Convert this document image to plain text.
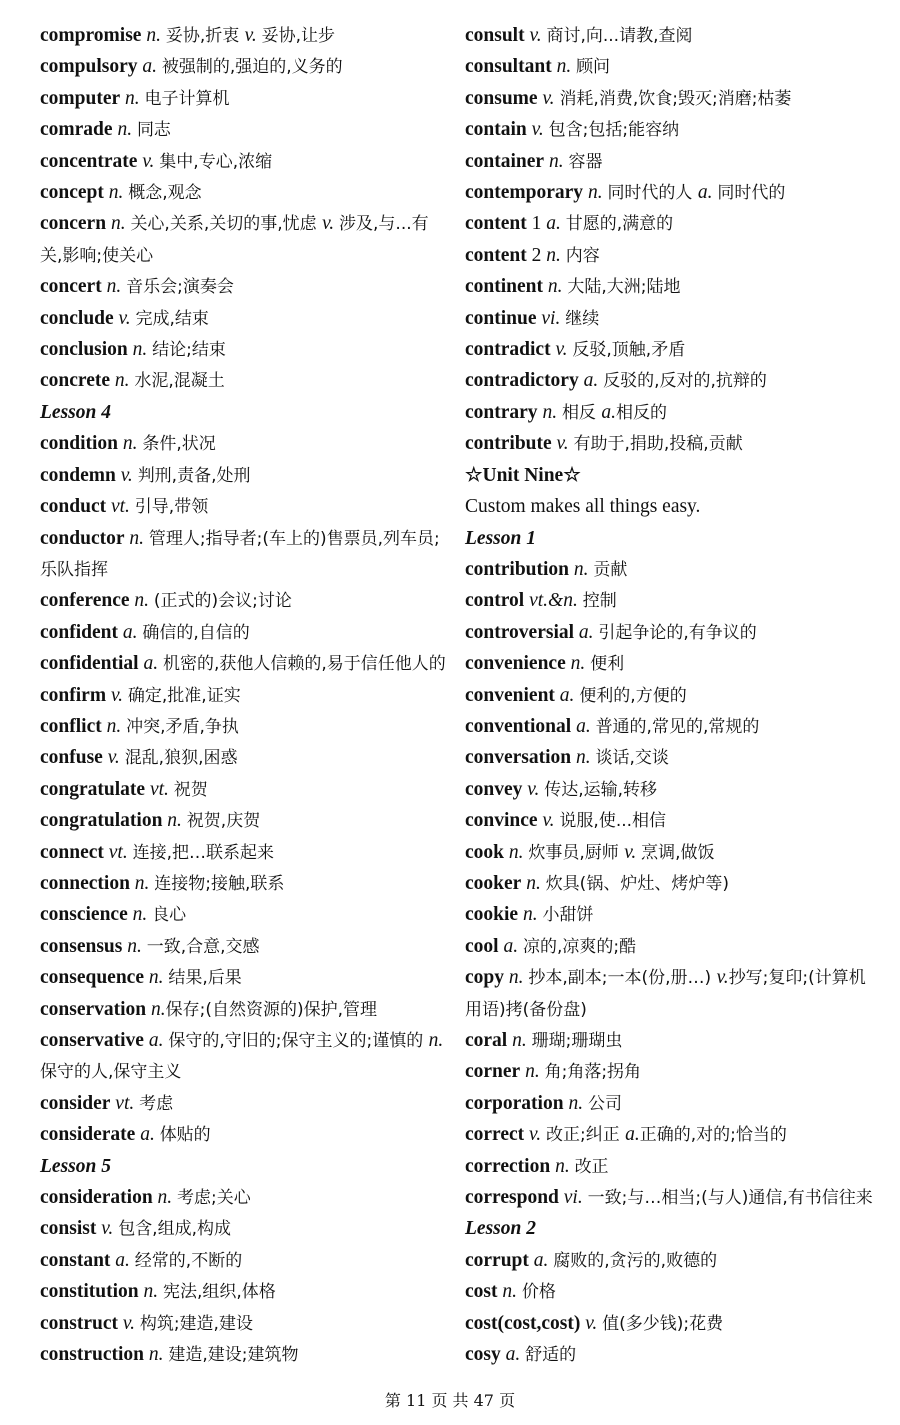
compromise n. 妥协,折衷 v. 妥协,让步
compulsory a. 被强制的,强迫的,义务的
computer n. 电子计算机
comrade n. 同志
concentrate v. 集中,专心,浓缩
concept n. 概念,观念
concern n. 关心,关系,关切的事,忧虑 v. 涉及,与...有关,影响;使关心
concert n. 音乐会;演奏会
conclude v. 完成,结束
conclusion n. 结论;结束
concrete n. 水泥,混凝土
Lesson 4
condition n. 条件,状况
condemn v. 判刑,责备,处刑
conduct vt. 引导,带领
conductor n. 管理人;指导者;(车上的)售票员,列车员;乐队指挥
conference n. (正式的)会议;讨论
confident a. 确信的,自信的
confidential a. 机密的,获他人信赖的,易于信任他人的
confirm v. 确定,批准,证实
conflict n. 冲突,矛盾,争执
confuse v. 混乱,狼狈,困惑
congratulate vt. 祝贺
congratulation n. 祝贺,庆贺
connect vt. 连接,把…联系起来
connection n. 连接物;接触,联系
conscience n. 良心
consensus n. 一致,合意,交感
consequence n. 结果,后果
conservation n.保存;(自然资源的)保护,管理
conservative a. 保守的,守旧的;保守主义的;谨慎的 n.保守的人,保守主义
consider vt. 考虑
considerate a. 体贴的
Lesson 5
consideration n. 考虑;关心
consist v. 包含,组成,构成
constant a. 经常的,不断的
constitution n. 宪法,组织,体格
construct v. 构筑;建造,建设
construction n. 建造,建设;建筑物
consult v. 商讨,向...请教,查阅
consultant n. 顾问
consume v. 消耗,消费,饮食;毁灭;消磨;枯萎
contain v. 包含;包括;能容纳
container n. 容器
contemporary n. 同时代的人 a. 同时代的
content 1 a. 甘愿的,满意的
content 2 n. 内容
continent n. 大陆,大洲;陆地
continue vi. 继续
contradict v. 反驳,顶触,矛盾
contradictory a. 反驳的,反对的,抗辩的
contrary n. 相反 a.相反的
contribute v. 有助于,捐助,投稿,贡献
☆Unit Nine☆
Custom makes all things easy.
Lesson 1
contribution n. 贡献
control vt.&n. 控制
controversial a. 引起争论的,有争议的
convenience n. 便利
convenient a. 便利的,方便的
conventional a. 普通的,常见的,常规的
conversation n. 谈话,交谈
convey v. 传达,运输,转移
convince v. 说服,使...相信
cook n. 炊事员,厨师 v. 烹调,做饭
cooker n. 炊具(锅、炉灶、烤炉等)
cookie n. 小甜饼
cool a. 凉的,凉爽的;酷
copy n. 抄本,副本;一本(份,册…) v.抄写;复印;(计算机用语)拷(备份盘)
coral n. 珊瑚;珊瑚虫
corner n. 角;角落;拐角
corporation n. 公司
correct v. 改正;纠正 a.正确的,对的;恰当的
correction n. 改正
correspond vi. 一致;与…相当;(与人)通信,有书信往来
Lesson 2
corrupt a. 腐败的,贪污的,败德的
cost n. 价格
cost(cost,cost) v. 值(多少钱);花费
cosy a. 舒适的
第 11 页 共 47 页
